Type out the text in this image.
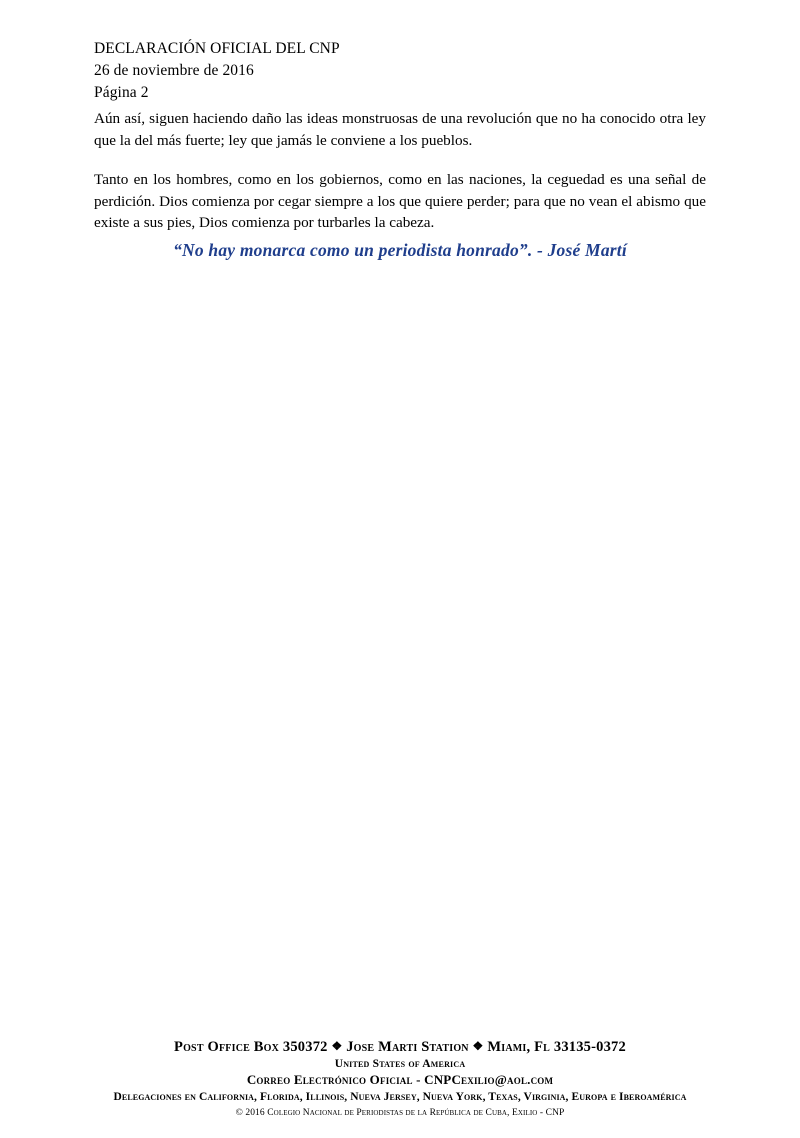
DECLARACIÓN OFICIAL DEL CNP
26 de noviembre de 2016
Página 2

Aún así, siguen haciendo daño las ideas monstruosas de una revolución que no ha conocido otra ley que la del más fuerte; ley que jamás le conviene a los pueblos.

Tanto en los hombres, como en los gobiernos, como en las naciones, la ceguedad es una señal de perdición. Dios comienza por cegar siempre a los que quiere perder; para que no vean el abismo que existe a sus pies, Dios comienza por turbarles la cabeza.

“No hay monarca como un periodista honrado”. - José Martí
Post Office Box 350372 ❖ Jose Marti Station ❖ Miami, Fl 33135-0372
United States of America
Correo Electrónico Oficial - CNPCexilio@aol.com
Delegaciones en California, Florida, Illinois, Nueva Jersey, Nueva York, Texas, Virginia, Europa e Iberoamérica
© 2016 Colegio Nacional de Periodistas de la República de Cuba, Exilio - CNP
